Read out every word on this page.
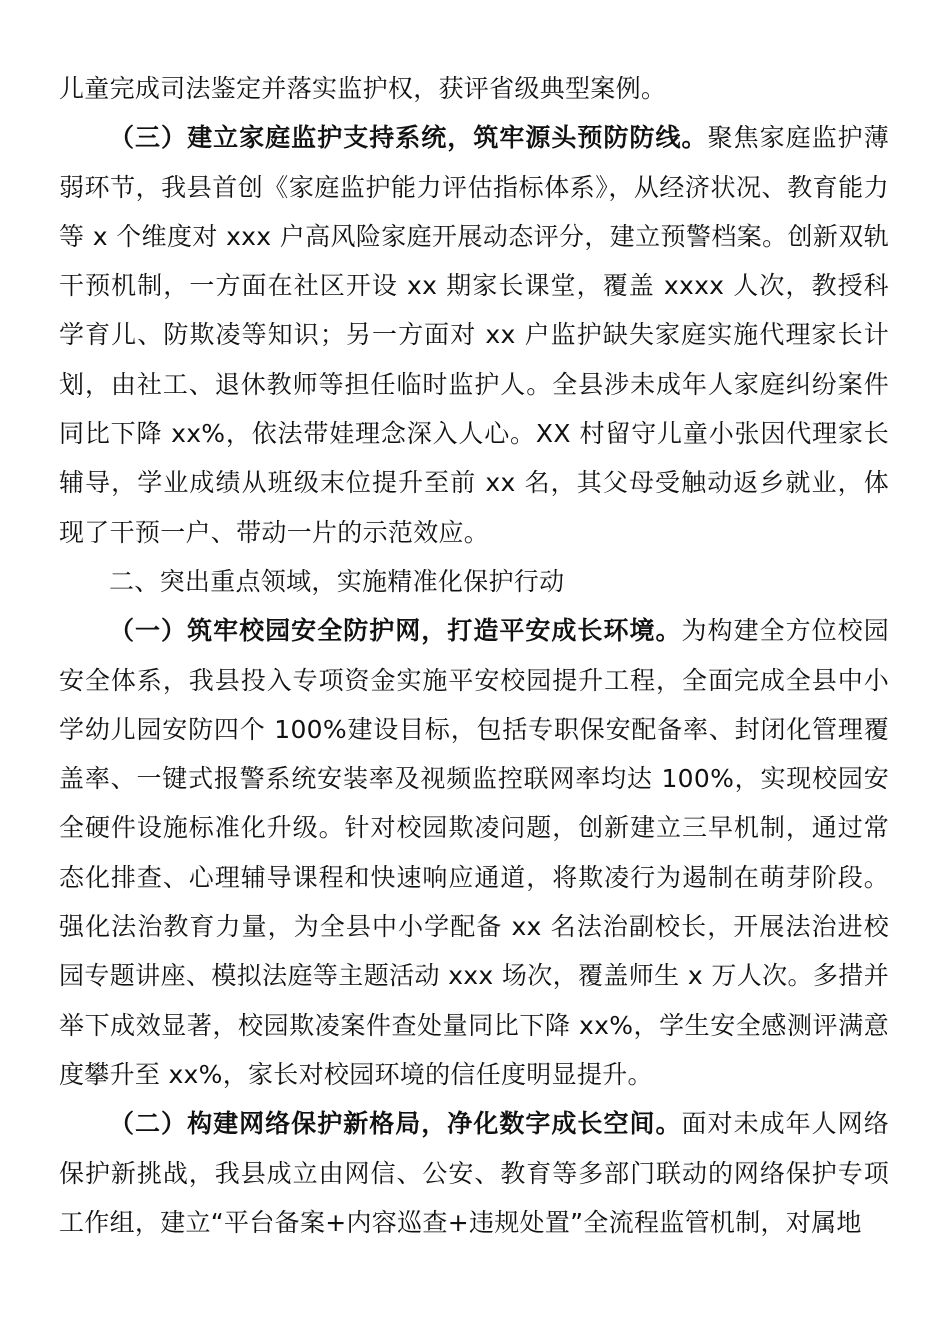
儿童完成司法鉴定并落实监护权，获评省级典型案例。

（三）建立家庭监护支持系统，筑牢源头预防防线。聚焦家庭监护薄弱环节，我县首创《家庭监护能力评估指标体系》，从经济状况、教育能力等 x 个维度对 xxx 户高风险家庭开展动态评分，建立预警档案。创新双轨干预机制，一方面在社区开设 xx 期家长课堂，覆盖 xxxx 人次，教授科学育儿、防欺凌等知识；另一方面对 xx 户监护缺失家庭实施代理家长计划，由社工、退休教师等担任临时监护人。全县涉未成年人家庭纠纷案件同比下降 xx%，依法带娃理念深入人心。XX 村留守儿童小张因代理家长辅导，学业成绩从班级末位提升至前 xx 名，其父母受触动返乡就业，体现了干预一户、带动一片的示范效应。

二、突出重点领域，实施精准化保护行动

（一）筑牢校园安全防护网，打造平安成长环境。为构建全方位校园安全体系，我县投入专项资金实施平安校园提升工程，全面完成全县中小学幼儿园安防四个 100%建设目标，包括专职保安配备率、封闭化管理覆盖率、一键式报警系统安装率及视频监控联网率均达 100%，实现校园安全硬件设施标准化升级。针对校园欺凌问题，创新建立三早机制，通过常态化排查、心理辅导课程和快速响应通道，将欺凌行为遏制在萌芽阶段。强化法治教育力量，为全县中小学配备 xx 名法治副校长，开展法治进校园专题讲座、模拟法庭等主题活动 xxx 场次，覆盖师生 x 万人次。多措并举下成效显著，校园欺凌案件查处量同比下降 xx%，学生安全感测评满意度攀升至 xx%，家长对校园环境的信任度明显提升。

（二）构建网络保护新格局，净化数字成长空间。面对未成年人网络保护新挑战，我县成立由网信、公安、教育等多部门联动的网络保护专项工作组，建立“平台备案+内容巡查+违规处置”全流程监管机制，对属地
